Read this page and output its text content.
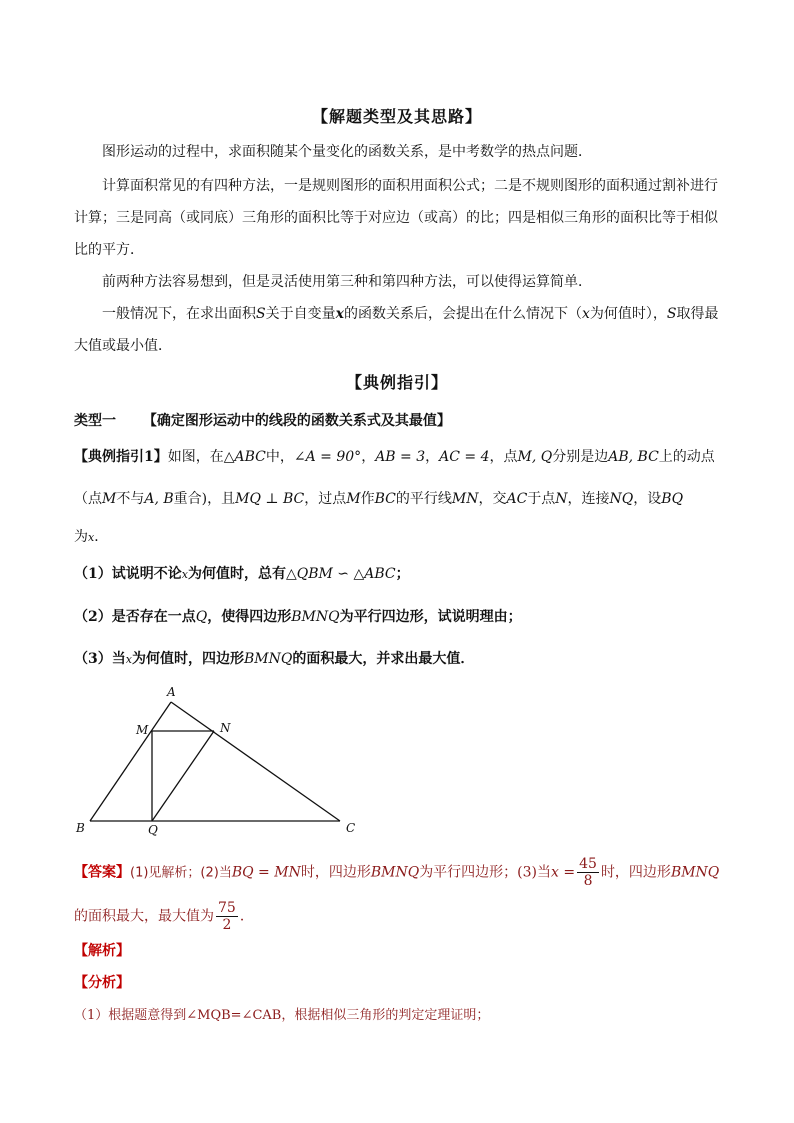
【解题类型及其思路】
图形运动的过程中，求面积随某个量变化的函数关系，是中考数学的热点问题．
计算面积常见的有四种方法，一是规则图形的面积用面积公式；二是不规则图形的面积通过割补进行计算；三是同高（或同底）三角形的面积比等于对应边（或高）的比；四是相似三角形的面积比等于相似比的平方．
前两种方法容易想到，但是灵活使用第三种和第四种方法，可以使得运算简单．
一般情况下，在求出面积S关于自变量x的函数关系后，会提出在什么情况下（x为何值时），S取得最大值或最小值．
【典例指引】
类型一 【确定图形运动中的线段的函数关系式及其最值】
【典例指引1】如图，在△ABC中，∠A = 90°，AB = 3，AC = 4，点M, Q分别是边AB, BC上的动点
（点M不与A, B重合)，且MQ ⊥ BC，过点M作BC的平行线MN，交AC于点N，连接NQ，设BQ
为x．
（1）试说明不论x为何值时，总有△QBM ∽ △ABC；
（2）是否存在一点Q，使得四边形BMNQ为平行四边形，试说明理由；
（3）当x为何值时，四边形BMNQ的面积最大，并求出最大值．
A
M	N
B	Q	C
【答案】(1)见解析；(2)当BQ = MN时，四边形BMNQ为平行四边形；(3)当$x = \frac{45}{8}$ 时，四边形BMNQ
的面积最大，最大值为 $\frac{75}{2}$ ．
【解析】
【分析】
（1）根据题意得到∠MQB=∠CAB，根据相似三角形的判定定理证明；
